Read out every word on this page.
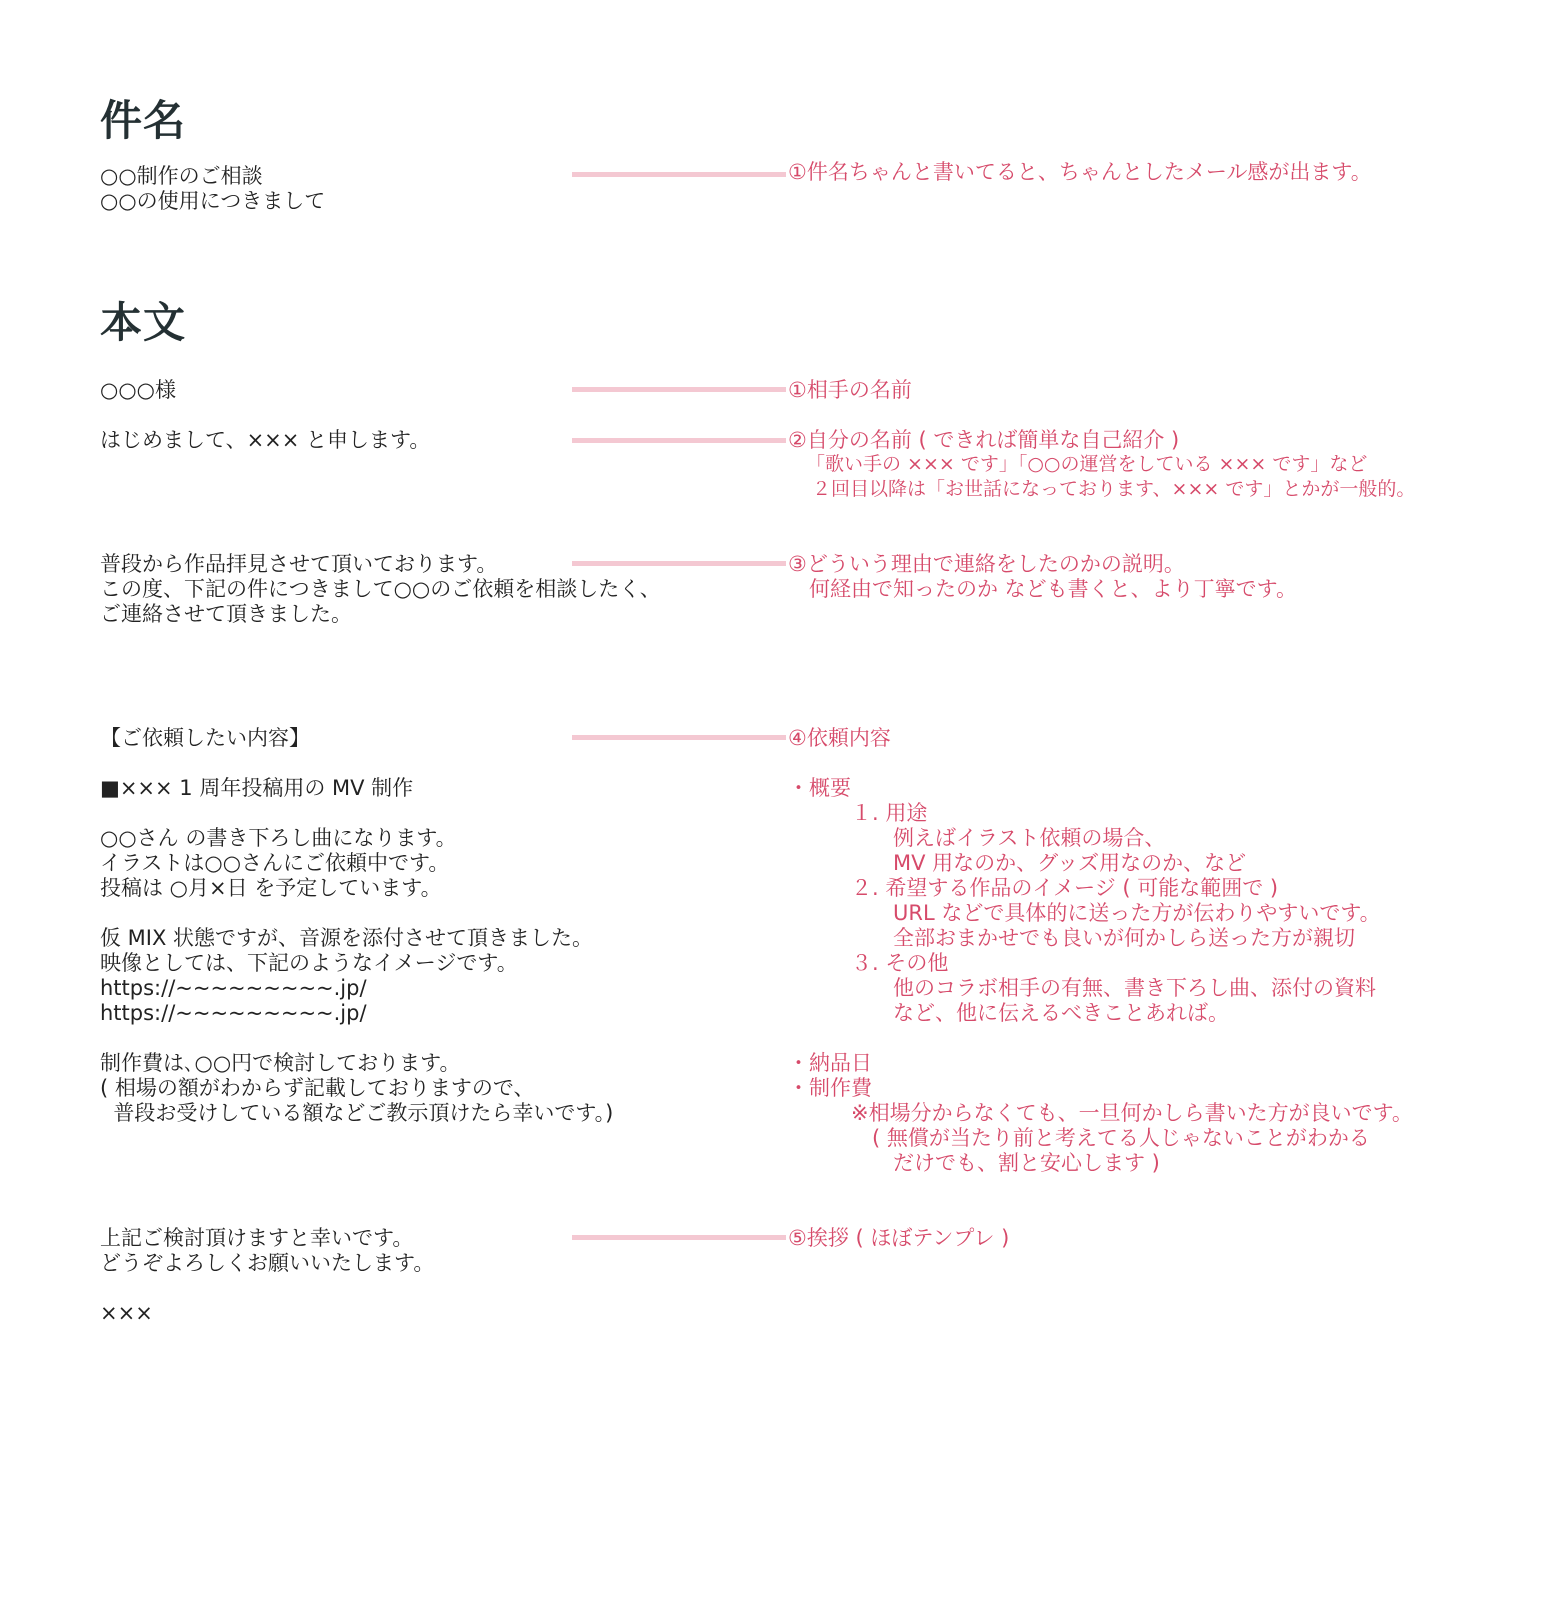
件名

○○制作のご相談
○○の使用につきまして

①件名ちゃんと書いてると、ちゃんとしたメール感が出ます。

本文

○○○様	①相手の名前

はじめまして、××× と申します。	②自分の名前 ( できれば簡単な自己紹介 )

「歌い手の ××× です」「○○の運営をしている ××× です」など
２回目以降は「お世話になっております、××× です」とかが一般的。

普段から作品拝見させて頂いております。
この度、下記の件につきまして○○のご依頼を相談したく、
ご連絡させて頂きました。

③どういう理由で連絡をしたのかの説明。
　何経由で知ったのか なども書くと、より丁寧です。

【ご依頼したい内容】

■××× 1 周年投稿用の MV 制作

○○さん の書き下ろし曲になります。
イラストは○○さんにご依頼中です。
投稿は ○月×日 を予定しています。

仮 MIX 状態ですが、音源を添付させて頂きました。
映像としては、下記のようなイメージです。
https://~~~~~~~~~.jp/
https://~~~~~~~~~.jp/

制作費は､○○円で検討しております。
( 相場の額がわからず記載しておりますので、
普段お受けしている額などご教示頂けたら幸いです。)

④依頼内容

・概要
　　　１. 用途
　　　　　例えばイラスト依頼の場合、
　　　　　MV 用なのか、グッズ用なのか、など
　　　２. 希望する作品のイメージ ( 可能な範囲で )
　　　　　URL などで具体的に送った方が伝わりやすいです。
　　　　　全部おまかせでも良いが何かしら送った方が親切
　　　３. その他
　　　　　他のコラボ相手の有無、書き下ろし曲、添付の資料
　　　　　など、他に伝えるべきことあれば。

・納品日
・制作費
　　　※相場分からなくても、一旦何かしら書いた方が良いです。
　　　　( 無償が当たり前と考えてる人じゃないことがわかる
　　　　　だけでも、割と安心します )

上記ご検討頂けますと幸いです。
どうぞよろしくお願いいたします。

×××

⑤挨拶 ( ほぼテンプレ )
